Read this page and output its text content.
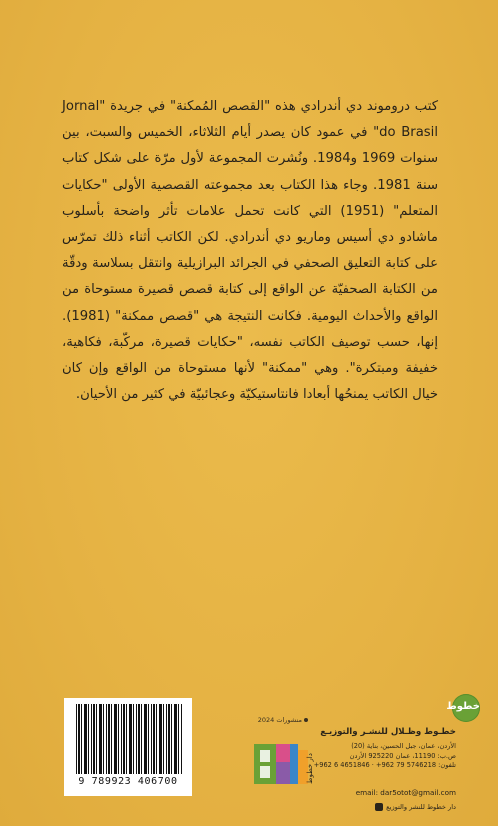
كتب دروموند دي أندرادي هذه "القصص المُمكنة" في جريدة "Jornal do Brasil" في عمود كان يصدر أيام الثلاثاء، الخميس والسبت، بين سنوات 1969 و1984. ونُشرت المجموعة لأول مرّة على شكل كتاب سنة 1981. وجاء هذا الكتاب بعد مجموعته القصصية الأولى "حكايات المتعلم" (1951) التي كانت تحمل علامات تأثر واضحة بأسلوب ماشادو دي أسيس وماريو دي أندرادي. لكن الكاتب أثناء ذلك تمرّس على كتابة التعليق الصحفي في الجرائد البرازيلية وانتقل بسلاسة ودقّة من الكتابة الصحفيّة عن الواقع إلى كتابة قصص قصيرة مستوحاة من الواقع والأحداث اليومية. فكانت النتيجة هي "قصص ممكنة" (1981). إنها، حسب توصيف الكاتب نفسه، "حكايات قصيرة، مركّبة، فكاهية، خفيفة ومبتكرة". وهي "ممكنة" لأنها مستوحاة من الواقع وإن كان خيال الكاتب يمنحُها أبعادا فانتاستيكيّة وعجائبيّة في كثير من الأحيان.

خطوط
9 789923 406700
منشورات 2024
دار خطوط
خطـوط وظـلال للنشـر والتوزيـع
الأردن، عمان، جبل الحسين، بناية (20)
ص.ب: 11190، عمان 925220 الأردن
تلفون: 5746218 79 962+ · 4651846 6 962+
email: dar5otot@gmail.com
دار خطوط للنشر والتوزيع
